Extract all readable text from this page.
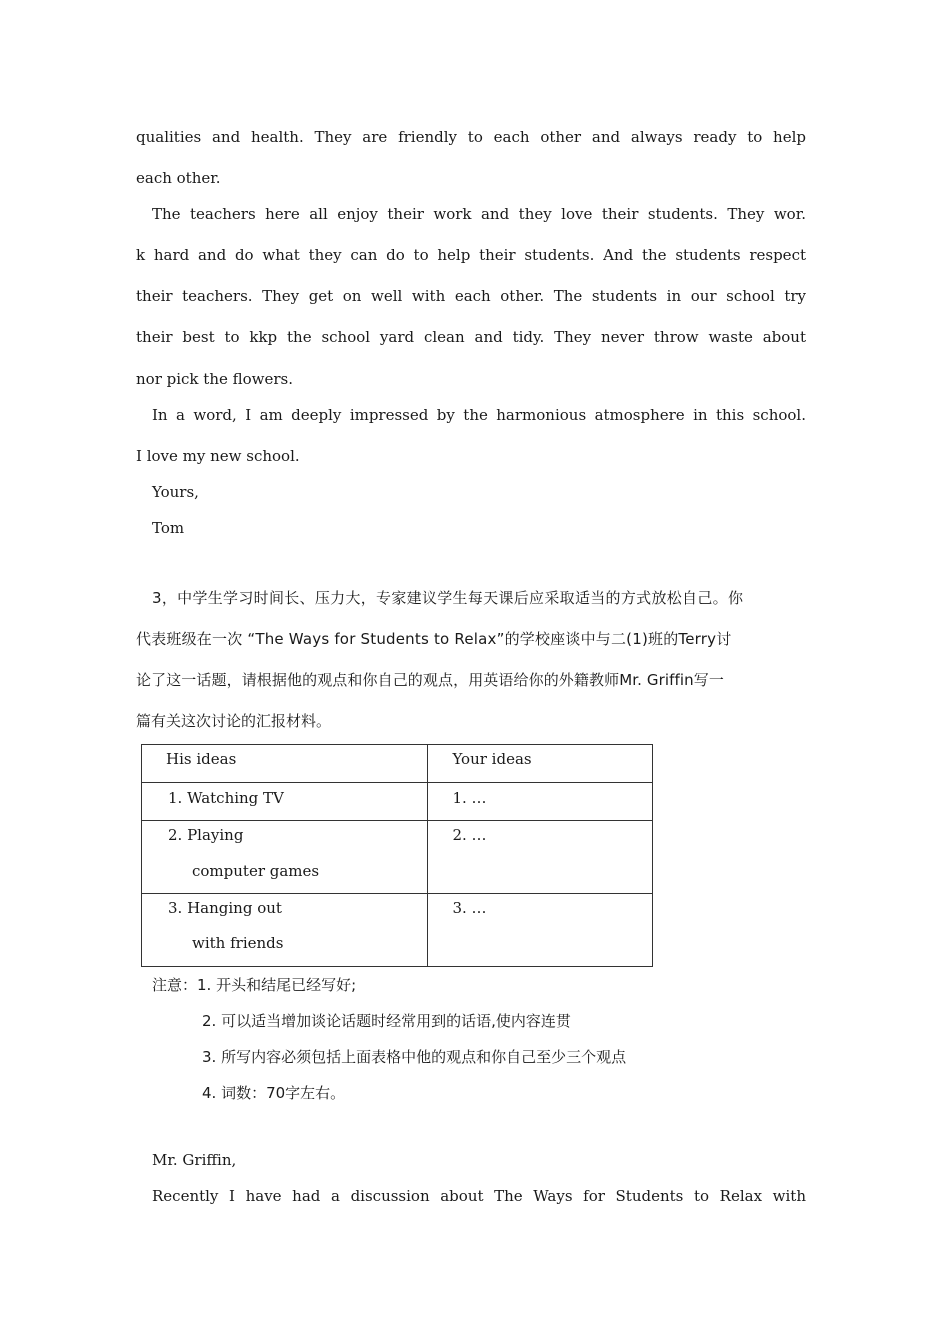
qualities and health. They are friendly to each other and always ready to help

each other.

The teachers here all enjoy their work and they love their students. They wor.

k hard and do what they can do to help their students. And the students respect

their teachers. They get on well with each other. The students in our school try

their best to kkp the school yard clean and tidy. They never throw waste about

nor pick the flowers.

In a word, I am deeply impressed by the harmonious atmosphere in this school.

I love my new school.

Yours,

Tom

3，中学生学习时间长、压力大，专家建议学生每天课后应采取适当的方式放松自己。你

代表班级在一次 “The Ways for Students to Relax”的学校座谈中与二(1)班的Terry讨

论了这一话题，请根据他的观点和你自己的观点，用英语给你的外籍教师Mr. Griffin写一

篇有关这次讨论的汇报材料。

His ideas	Your ideas

1. Watching TV	1. …

2. Playing
computer games	2. …

3. Hanging out
with friends	3. …

注意：1. 开头和结尾已经写好;

2. 可以适当增加谈论话题时经常用到的话语,使内容连贯

3. 所写内容必须包括上面表格中他的观点和你自己至少三个观点

4. 词数：70字左右。

Mr. Griffin,

Recently I have had a discussion about The Ways for Students to Relax with
